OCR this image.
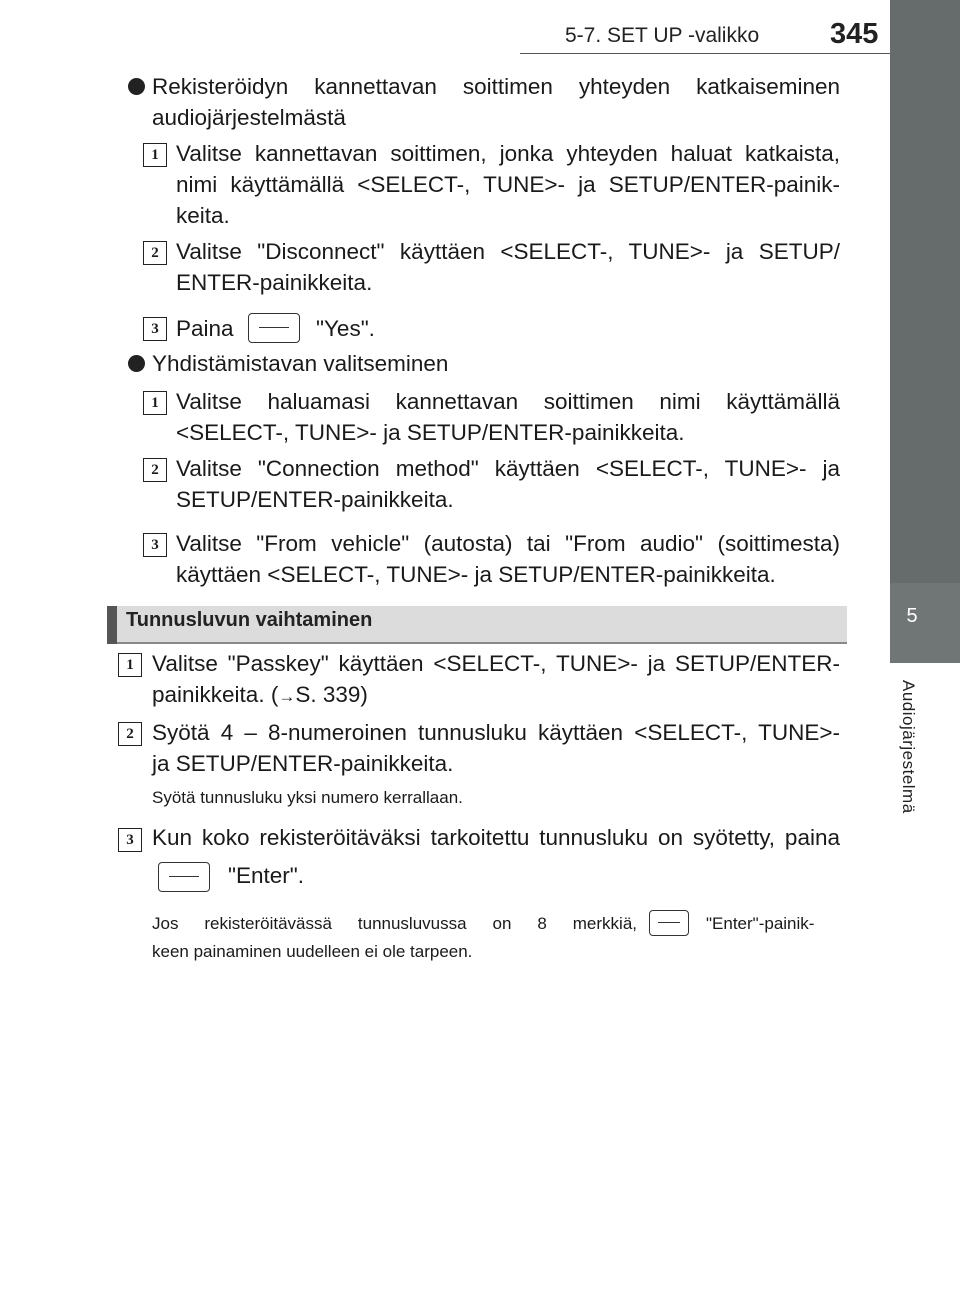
5-7. SET UP -valikko 345
5
Audiojärjestelmä
Rekisteröidyn kannettavan soittimen yhteyden katkaiseminen
audiojärjestelmästä
1 Valitse kannettavan soittimen, jonka yhteyden haluat katkaista,
nimi käyttämällä <SELECT-, TUNE>- ja SETUP/ENTER-painik-
keita.
2 Valitse "Disconnect" käyttäen <SELECT-, TUNE>- ja SETUP/
ENTER-painikkeita.
3 Paina	"Yes".
Yhdistämistavan valitseminen
1 Valitse haluamasi kannettavan soittimen nimi käyttämällä
<SELECT-, TUNE>- ja SETUP/ENTER-painikkeita.
2 Valitse "Connection method" käyttäen <SELECT-, TUNE>- ja
SETUP/ENTER-painikkeita.
3 Valitse "From vehicle" (autosta) tai "From audio" (soittimesta)
käyttäen <SELECT-, TUNE>- ja SETUP/ENTER-painikkeita.
Tunnusluvun vaihtaminen
1 Valitse "Passkey" käyttäen <SELECT-, TUNE>- ja SETUP/ENTER-
painikkeita. (→S. 339)
2 Syötä 4 – 8-numeroinen tunnusluku käyttäen <SELECT-, TUNE>-
ja SETUP/ENTER-painikkeita.
Syötä tunnusluku yksi numero kerrallaan.
3 Kun koko rekisteröitäväksi tarkoitettu tunnusluku on syötetty, paina
"Enter".
Jos rekisteröitävässä tunnusluvussa on 8 merkkiä,	"Enter"-painik-
keen painaminen uudelleen ei ole tarpeen.
